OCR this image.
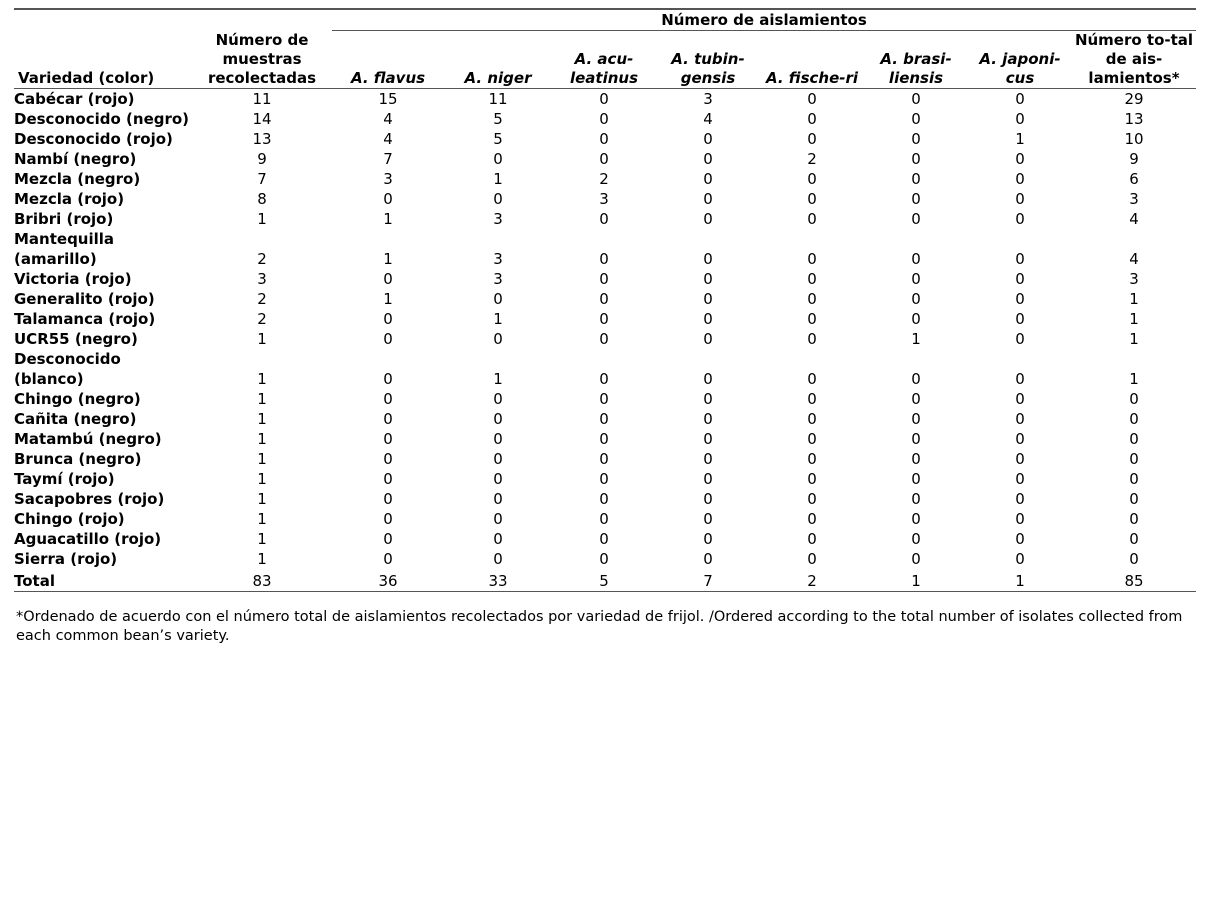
		Número de aislamientos							

Variedad (color)	Número de muestras recolectadas	A. flavus	A. niger	A. acu-leatinus	A. tubin-gensis	A. fische-ri	A. brasi-liensis	A. japoni-cus	Número to-tal de ais-lamientos*

Cabécar (rojo)	11	15	11	0	3	0	0	0	29
Desconocido (negro)	14	4	5	0	4	0	0	0	13
Desconocido (rojo)	13	4	5	0	0	0	0	1	10
Nambí (negro)	9	7	0	0	0	2	0	0	9
Mezcla (negro)	7	3	1	2	0	0	0	0	6
Mezcla (rojo)	8	0	0	3	0	0	0	0	3
Bribri (rojo)	1	1	3	0	0	0	0	0	4
Mantequilla (amarillo)	2	1	3	0	0	0	0	0	4
Victoria (rojo)	3	0	3	0	0	0	0	0	3
Generalito (rojo)	2	1	0	0	0	0	0	0	1
Talamanca (rojo)	2	0	1	0	0	0	0	0	1
UCR55 (negro)	1	0	0	0	0	0	1	0	1
Desconocido (blanco)	1	0	1	0	0	0	0	0	1
Chingo (negro)	1	0	0	0	0	0	0	0	0
Cañita (negro)	1	0	0	0	0	0	0	0	0
Matambú (negro)	1	0	0	0	0	0	0	0	0
Brunca (negro)	1	0	0	0	0	0	0	0	0
Taymí (rojo)	1	0	0	0	0	0	0	0	0
Sacapobres (rojo)	1	0	0	0	0	0	0	0	0
Chingo (rojo)	1	0	0	0	0	0	0	0	0
Aguacatillo (rojo)	1	0	0	0	0	0	0	0	0
Sierra (rojo)	1	0	0	0	0	0	0	0	0
Total	83	36	33	5	7	2	1	1	85

*Ordenado de acuerdo con el número total de aislamientos recolectados por variedad de frijol. /Ordered according to the total number of isolates collected from each common bean’s variety.
